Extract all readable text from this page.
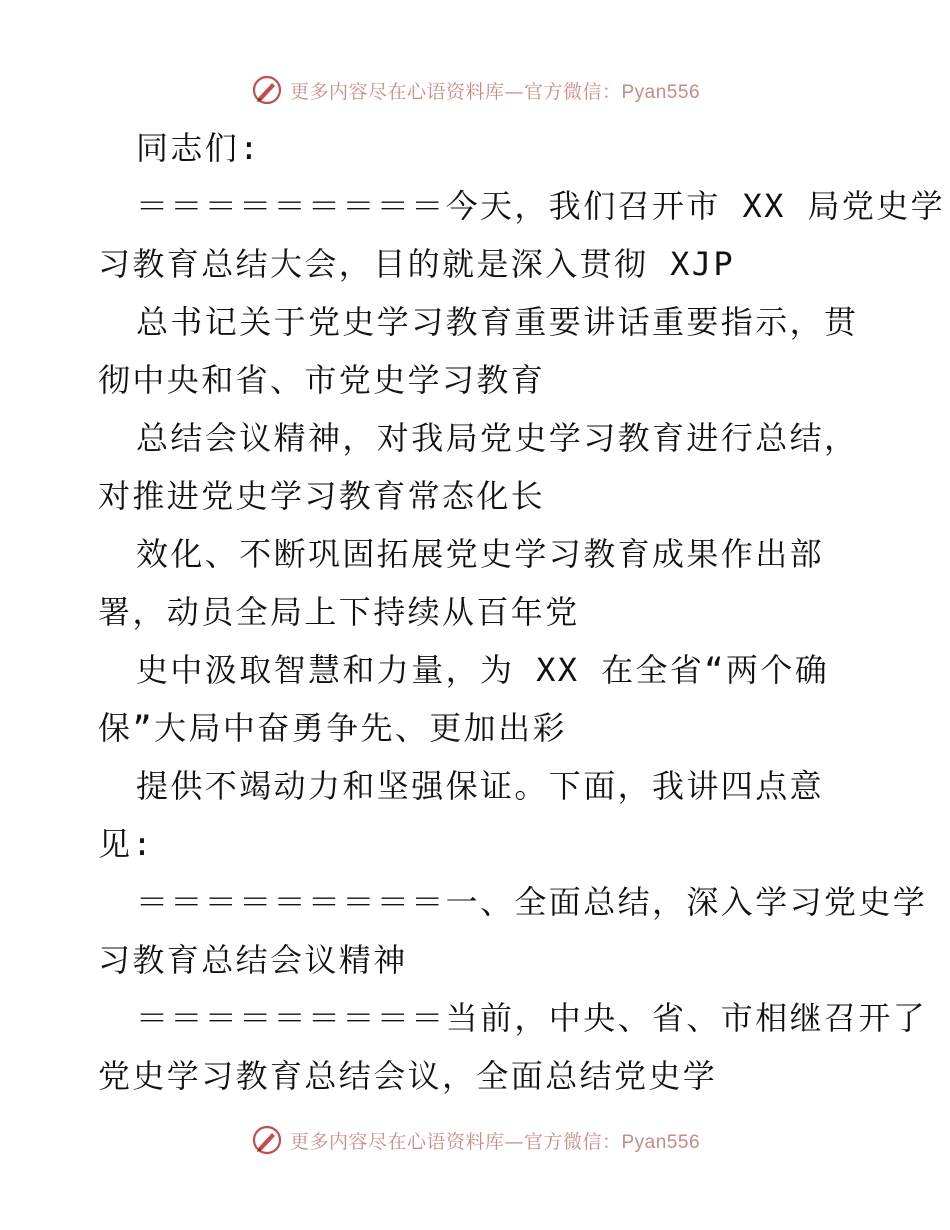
更多内容尽在心语资料库—官方微信：Pyan556
同志们:
＝＝＝＝＝＝＝＝＝今天，我们召开市 XX 局党史学
习教育总结大会，目的就是深入贯彻 XJP
总书记关于党史学习教育重要讲话重要指示，贯
彻中央和省、市党史学习教育
总结会议精神，对我局党史学习教育进行总结，
对推进党史学习教育常态化长
效化、不断巩固拓展党史学习教育成果作出部
署，动员全局上下持续从百年党
史中汲取智慧和力量，为 XX 在全省“两个确
保”大局中奋勇争先、更加出彩
提供不竭动力和坚强保证。下面，我讲四点意
见:
＝＝＝＝＝＝＝＝＝一、全面总结，深入学习党史学
习教育总结会议精神
＝＝＝＝＝＝＝＝＝当前，中央、省、市相继召开了
党史学习教育总结会议，全面总结党史学
更多内容尽在心语资料库—官方微信：Pyan556
